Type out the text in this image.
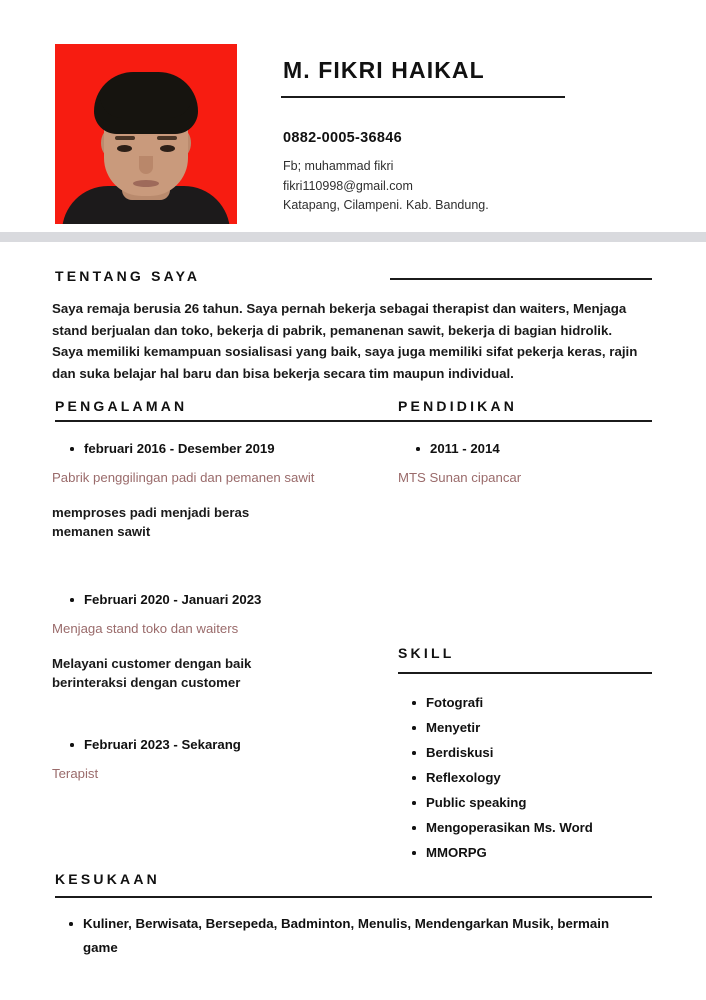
M. FIKRI HAIKAL
0882-0005-36846
Fb; muhammad fikri
fikri110998@gmail.com
Katapang, Cilampeni. Kab. Bandung.
TENTANG SAYA
Saya remaja berusia 26 tahun. Saya pernah bekerja sebagai therapist dan waiters, Menjaga stand berjualan dan toko, bekerja di pabrik, pemanenan sawit, bekerja di bagian hidrolik. Saya memiliki kemampuan sosialisasi yang baik, saya juga memiliki sifat pekerja keras, rajin dan suka belajar hal baru dan bisa bekerja secara tim maupun individual.
PENGALAMAN	PENDIDIKAN
februari 2016 - Desember 2019
Pabrik penggilingan padi dan pemanen sawit
memproses padi menjadi beras
memanen sawit
Februari 2020 - Januari 2023
Menjaga stand toko dan waiters
Melayani customer dengan baik
berinteraksi dengan customer
Februari 2023 - Sekarang
Terapist
2011 - 2014
MTS Sunan cipancar
SKILL
Fotografi
Menyetir
Berdiskusi
Reflexology
Public speaking
Mengoperasikan Ms. Word
MMORPG
KESUKAAN
Kuliner, Berwisata, Bersepeda, Badminton, Menulis, Mendengarkan Musik, bermain game
